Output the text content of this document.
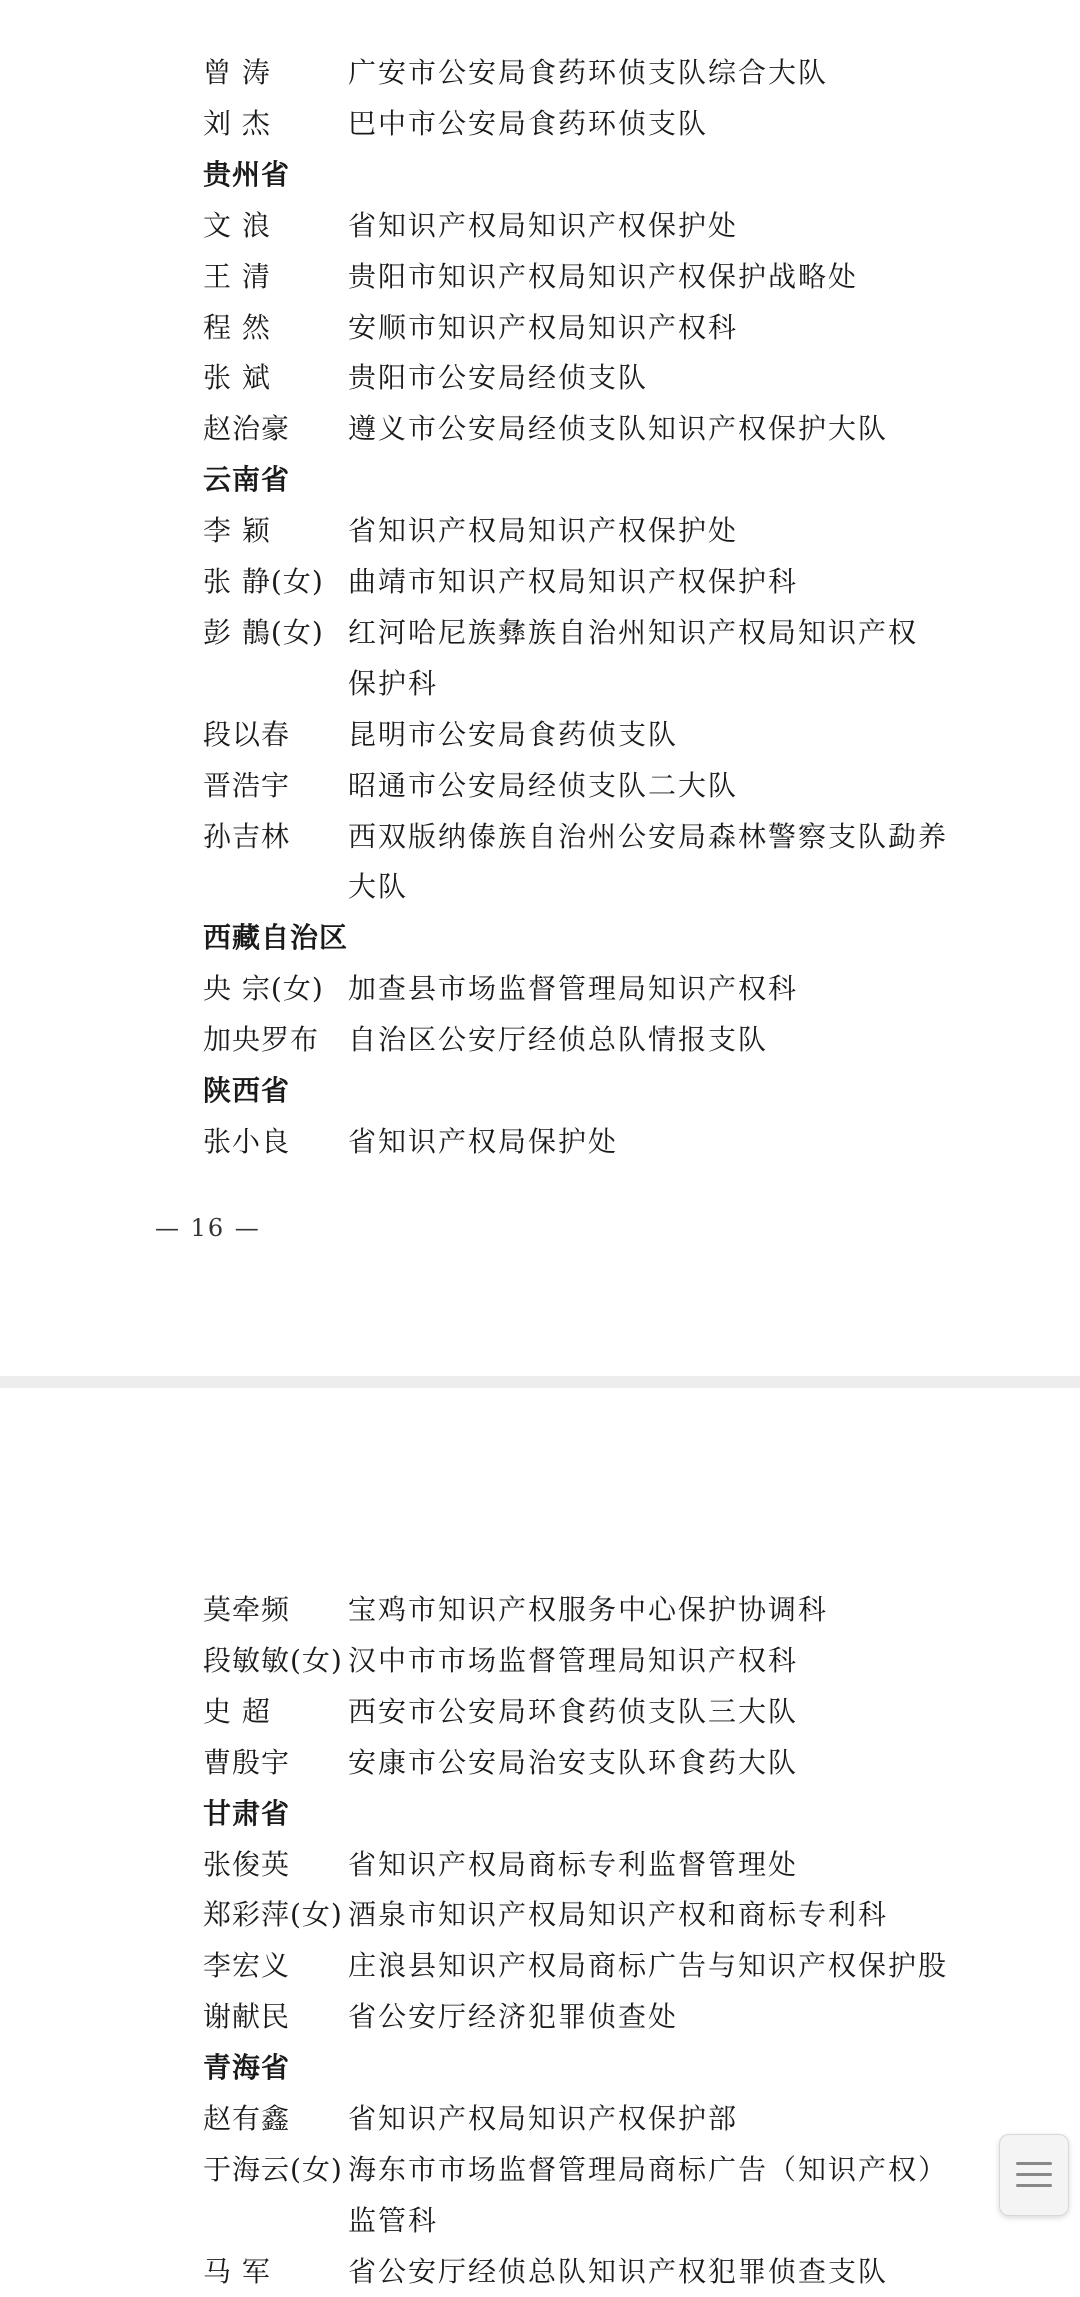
曾 涛	广安市公安局食药环侦支队综合大队
刘 杰	巴中市公安局食药环侦支队
贵州省
文 浪	省知识产权局知识产权保护处
王 清	贵阳市知识产权局知识产权保护战略处
程 然	安顺市知识产权局知识产权科
张 斌	贵阳市公安局经侦支队
赵治豪 遵义市公安局经侦支队知识产权保护大队
云南省
李 颖	省知识产权局知识产权保护处
张 静(女) 曲靖市知识产权局知识产权保护科
彭 鶄(女) 红河哈尼族彝族自治州知识产权局知识产权
保护科
段以春 昆明市公安局食药侦支队
晋浩宇 昭通市公安局经侦支队二大队
孙吉林 西双版纳傣族自治州公安局森林警察支队勐养
大队
西藏自治区
央 宗(女) 加查县市场监督管理局知识产权科
加央罗布 自治区公安厅经侦总队情报支队
陕西省
张小良 省知识产权局保护处
— 16 —
莫牵频 宝鸡市知识产权服务中心保护协调科
段敏敏(女) 汉中市市场监督管理局知识产权科
史 超	西安市公安局环食药侦支队三大队
曹殷宇 安康市公安局治安支队环食药大队
甘肃省
张俊英 省知识产权局商标专利监督管理处
郑彩萍(女) 酒泉市知识产权局知识产权和商标专利科
李宏义 庄浪县知识产权局商标广告与知识产权保护股
谢献民 省公安厅经济犯罪侦查处
青海省
赵有鑫 省知识产权局知识产权保护部
于海云(女) 海东市市场监督管理局商标广告（知识产权）
监管科
马 军	省公安厅经侦总队知识产权犯罪侦查支队
